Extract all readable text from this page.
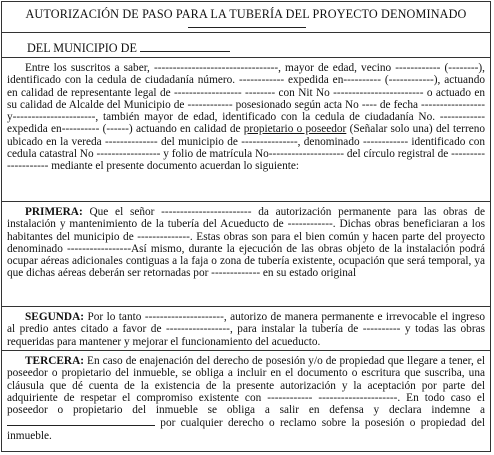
AUTORIZACIÓN DE PASO PARA LA TUBERÍA DEL PROYECTO DENOMINADO
DEL MUNICIPIO DE
Entre los suscritos a saber, ---------------------------------, mayor de edad, vecino ------------ (--------), identificado con la cedula de ciudadanía número. ------------ expedida en---------- (------------), actuando en calidad de representante legal de ------------------ -------- con Nit No ------------------------ o actuado en su calidad de Alcalde del Municipio de ------------ posesionado según acta No ---- de fecha -----------------y----------------------, también mayor de edad, identificado con la cedula de ciudadanía No. ------------ expedida en---------- (------) actuando en calidad de propietario o poseedor (Señalar solo una) del terreno ubicado en la vereda -------------- del municipio de ---------------, denominado ------------ identificado con cedula catastral No ----------------- y folio de matrícula No-------------------- del círculo registral de -------------------- mediante el presente documento acuerdan lo siguiente:
PRIMERA: Que el señor ------------------------ da autorización permanente para las obras de instalación y mantenimiento de la tubería del Acueducto de ------------. Dichas obras beneficiaran a los habitantes del municipio de --------------. Estas obras son para el bien común y hacen parte del proyecto denominado -----------------Así mismo, durante la ejecución de las obras objeto de la instalación podrá ocupar aéreas adicionales contiguas a la faja o zona de tubería existente, ocupación que será temporal, ya que dichas aéreas deberán ser retornadas por ------------- en su estado original
SEGUNDA: Por lo tanto ---------------------, autorizo de manera permanente e irrevocable el ingreso al predio antes citado a favor de -----------------, para instalar la tubería de ---------- y todas las obras requeridas para mantener y mejorar el funcionamiento del acueducto.
TERCERA: En caso de enajenación del derecho de posesión y/o de propiedad que llegare a tener, el poseedor o propietario del inmueble, se obliga a incluir en el documento o escritura que suscriba, una cláusula que dé cuenta de la existencia de la presente autorización y la aceptación por parte del adquiriente de respetar el compromiso existente con ------------ ---------------------. En todo caso el poseedor o propietario del inmueble se obliga a salir en defensa y declara indemne a  por cualquier derecho o reclamo sobre la posesión o propiedad del inmueble.
